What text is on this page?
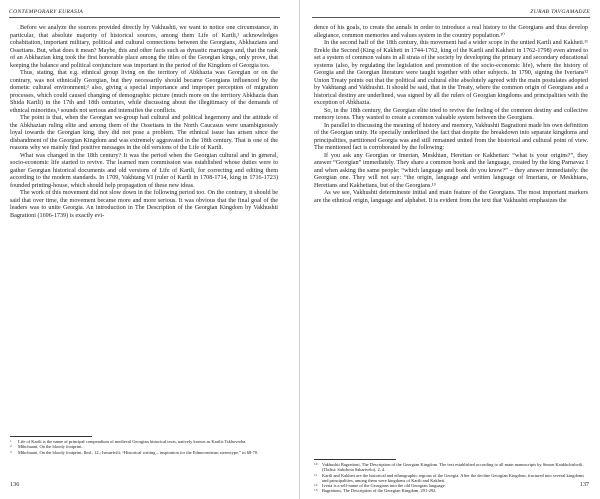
CONTEMPORARY EURASIA

Before we analyze the sources provided directly by Vakhushti, we want to notice one circumstance, in particular, that absolute majority of historical sources, among them Life of Kartli,¹ acknowledges cohabitation, important military, political and cultural connections between the Georgians, Abkhazians and Ossetians. But, what does it mean? Maybe, this and other facts such as dynastic marriages and, that the rank of an Abkhazian king took the first honorable place among the titles of the Georgian kings, only prove, that keeping the balance and political conjuncture was important in the period of the Kingdom of Georgia too.

Thus, stating, that e.g. ethnical group living on the territory of Abkhazia was Georgian or on the contrary, was not ethnically Georgian, but they necessarily should became Georgians influenced by the dometic cultural environment;² also, giving a special importance and improper perception of migration processes, which could caused changing of demographic picture (much more on the territory Abkhazia than Shida Kartli) in the 17th and 18th centuries, while discussing about the illegitimacy of the demands of ethnical minorities,³ sounds not serious and intensifies the conflicts.

The point is that, when the Georgian we-group had cultural and political hegemony and the attitude of the Abkhazian ruling elite and among them of the Ossetians in the North Caucasus were unambiguously loyal towards the Georgian king, they did not pose a problem. The ethnical issue has arisen since the disbandment of the Georgian Kingdom and was extremely aggravated in the 18th century. That is one of the reasons why we mainly find positive messages in the old versions of the Life of Kartli.

What was changed in the 18th century? It was the period when the Georgian cultural and in general, socio-economic life started to revive. The learned men commission was established whose duties were to gather Georgian historical documents and old versions of Life of Kartli, for correcting and editing them according to the modern standards. In 1709, Vakhtang VI (ruler of Kartli in 1708-1714, king in 1716-1723) founded printing-house, which should help propagation of these new ideas.

The work of this movement did not slow down in the following period too. On the contrary, it should be said that over time, the movement became more and more serious. It was obvious that the final goal of the leaders was to unite Georgia. An introduction in The Description of the Georgian Kingdom by Vakhushti Bagrationi (1696-1739) is exactly evi-

1	Life of Kartli is the name of principal compendium of medieval Georgian historical texts, natively known as Kartlis Tskhovreba.
2	Mibchuani, On the bloody footprint.
3	Mibchuani, On the bloody footprint, Ibid., 12.; Ismaelvili, “Historical writing – inspiration for the Ethnocentrism stereotype,” in 68-70.
136
ZURAB TAVGAMADZE

dence of his goals, to create the annals in order to introduce a real history to the Georgians and thus develop allegiance, common memories and values system in the country population.¹⁰

In the second half of the 18th century, this movement had a wider scope in the united Kartli and Kakheti.¹¹ Erekle the Second (King of Kakheti in 1744-1762, king of the Kartli and Kakheti in 1762-1798) even aimed to set a system of common values in all strata of the society by developing the primary and secondary educational systems (also, by regulating the legislation and promotion of the socio-economic life), where the history of Georgia and the Georgian literature were taught together with other subjects. In 1790, signing the Iverians¹² Union Treaty points out that the political and cultural elite absolutely agreed with the main postulates adopted by Vakhtangi and Vakhushti. It should be said, that in the Treaty, where the common origin of Georgians and a historical destiny are underlined, was signed by all the rulers of Georgian kingdoms and principalities with the exception of Abkhazia.

So, in the 18th century, the Georgian elite tried to revive the feeling of the common destiny and collective memory icons. They wanted to create a common valuable system between the Georgians.

In parallel to discussing the meaning of history and memory, Vakhushti Bagrationi made his own definition of the Georgian unity. He specially underlined the fact that despite the breakdown into separate kingdoms and principalities, partitioned Georgia was and still remained united from the historical and cultural point of view. The mentioned fact is corroborated by the following:

If you ask any Georgian or Imerian, Meskhian, Heretian or Kakhetian: “what is your origins?”, they answer “Georgian” immediately. They share a common book and the language, created by the king Parnavaz I and when asking the same people: “which language and book do you know?” – they answer immediately: the Georgian one. They will not say: “the origin, language and written language of Imerians, or Meskhians, Heretians and Kakhetians, but of the Georgians.¹³

As we see, Vakhushti determineste initial and main feature of the Georgians. The most important markers are the ethnical origin, language and alphabet. It is evident from the text that Vakhushti emphasizes the

10	Vakhushti Bagrationi, The Description of the Georgian Kingdom. The text established according to all main manuscripts by Simon Kaukhchishvili. (Tbilisi: Sabchota Sakartvelo), 2, 4.
11	Kartli and Kakheti are the historical and ethnographic regions of the Georgia. After the decline Georgian Kingdom, fractured into several kingdoms and principalities, among them were kingdoms of Kartli and Kakheti.
12	Iveria is a self-name of the Georgians into the old Georgian language.
13	Bagrationi, The Description of the Georgian Kingdom, 291-292.
137
